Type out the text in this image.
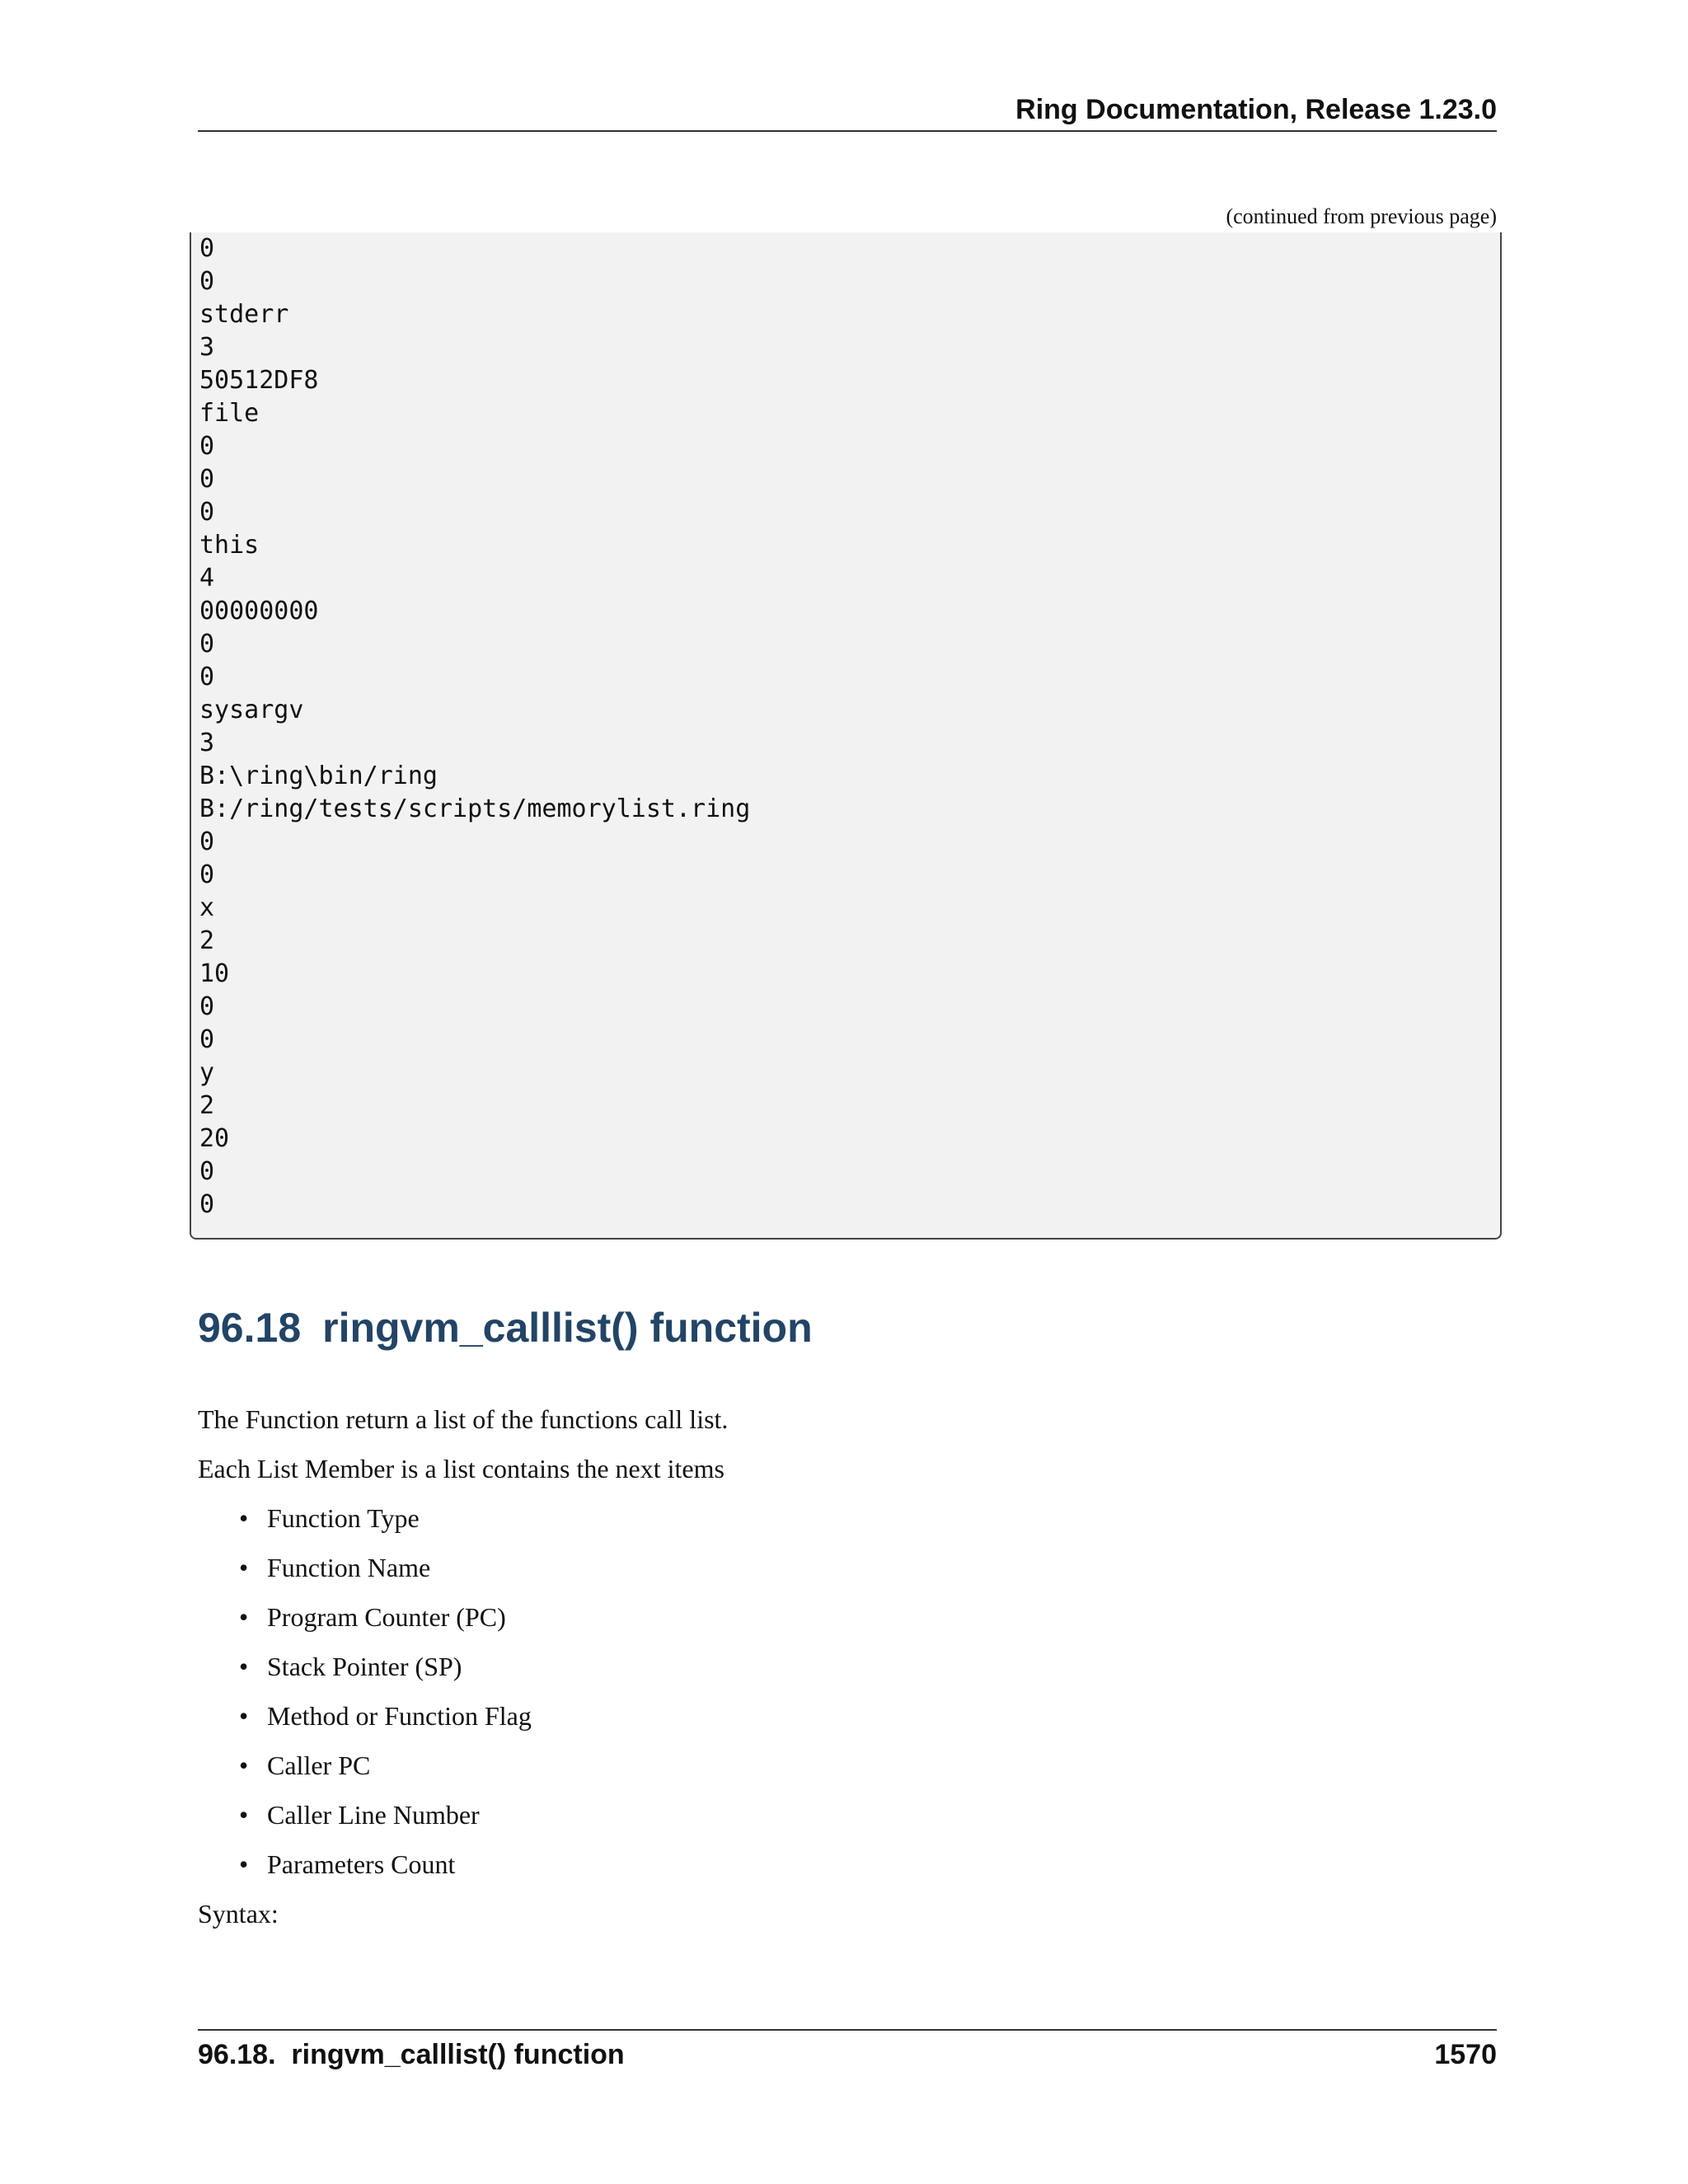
Ring Documentation, Release 1.23.0
(continued from previous page)
0
0
stderr
3
50512DF8
file
0
0
0
this
4
00000000
0
0
sysargv
3
B:\ring\bin/ring
B:/ring/tests/scripts/memorylist.ring
0
0
x
2
10
0
0
y
2
20
0
0
96.18 ringvm_calllist() function

The Function return a list of the functions call list.

Each List Member is a list contains the next items

• Function Type
• Function Name
• Program Counter (PC)
• Stack Pointer (SP)
• Method or Function Flag
• Caller PC
• Caller Line Number
• Parameters Count

Syntax:

96.18.  ringvm_calllist() function	1570
